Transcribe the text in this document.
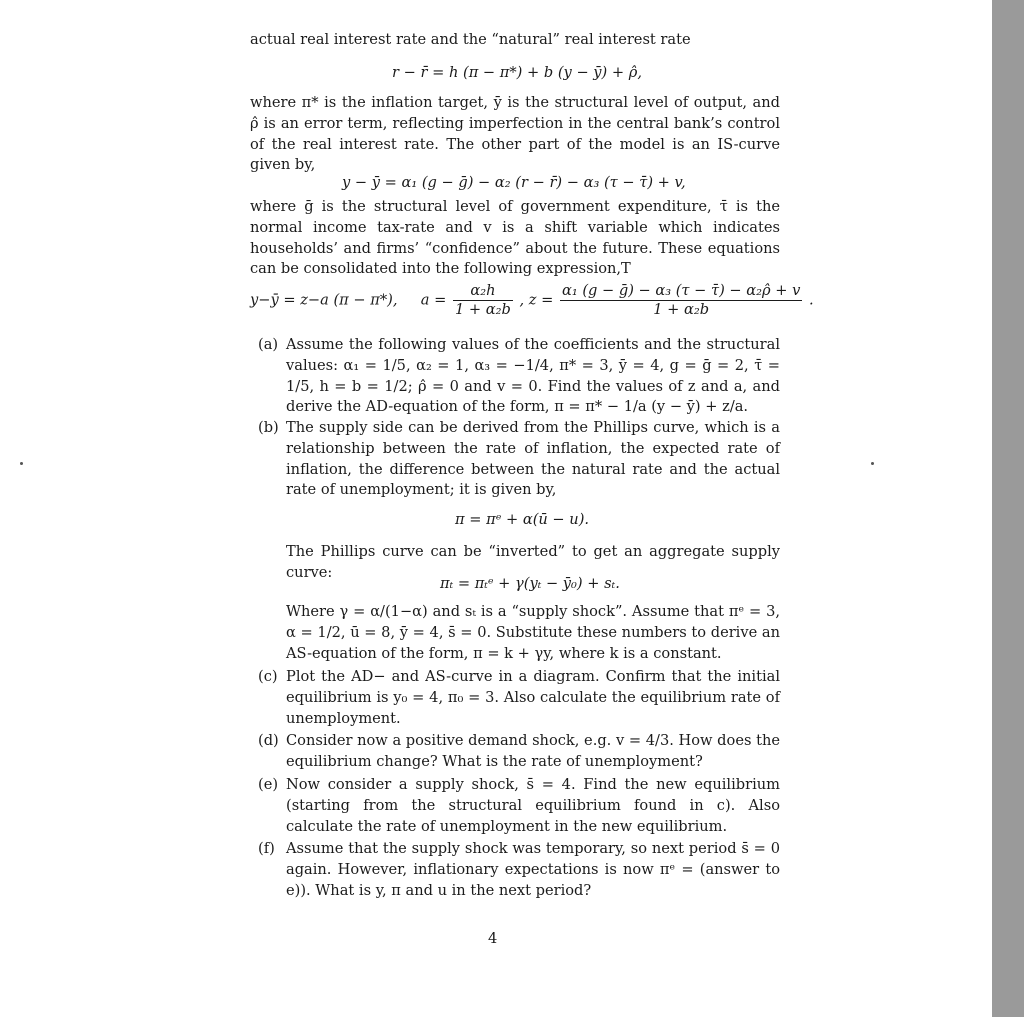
actual real interest rate and the “natural” real interest rate

r − r̄ = h (π − π*) + b (y − ȳ) + ρ̂,

where π* is the inflation target, ȳ is the structural level of output, and ρ̂ is an error term, reflecting imperfection in the central bank’s control of the real interest rate. The other part of the model is an IS-curve given by,

y − ȳ = α₁ (g − ḡ) − α₂ (r − r̄) − α₃ (τ − τ̄) + v,

where ḡ is the structural level of government expenditure, τ̄ is the normal income tax-rate and v is a shift variable which indicates households’ and firms’ “confidence” about the future. These equations can be consolidated into the following expression,T

y−ȳ = z−a (π − π*), $a = \frac{\text{α₂h}}{\text{1 + α₂b}}$ , $z = \frac{\text{α₁ (g − ḡ) − α₃ (τ − τ̄) − α₂ρ̂ + v}}{\text{1 + α₂b}}$ .
(a) Assume the following values of the coefficients and the structural values: α₁ = 1/5, α₂ = 1, α₃ = −1/4, π* = 3, ȳ = 4, g = ḡ = 2, τ̄ = 1/5, h = b = 1/2; ρ̂ = 0 and v = 0. Find the values of z and a, and derive the AD-equation of the form, π = π* − 1/a (y − ȳ) + z/a.
(b) The supply side can be derived from the Phillips curve, which is a relationship between the rate of inflation, the expected rate of inflation, the difference between the natural rate and the actual rate of unemployment; it is given by,
π = πᵉ + α(ū − u).

The Phillips curve can be “inverted” to get an aggregate supply curve:

πₜ = πₜᵉ + γ(yₜ − ȳ₀) + sₜ.

Where γ = α/(1−α) and sₜ is a “supply shock”. Assume that πᵉ = 3, α = 1/2, ū = 8, ȳ = 4, s̄ = 0. Substitute these numbers to derive an AS-equation of the form, π = k + γy, where k is a constant.

(c) Plot the AD− and AS-curve in a diagram. Confirm that the initial equilibrium is y₀ = 4, π₀ = 3. Also calculate the equilibrium rate of unemployment.
(d) Consider now a positive demand shock, e.g. v = 4/3. How does the equilibrium change? What is the rate of unemployment?
(e) Now consider a supply shock, s̄ = 4. Find the new equilibrium (starting from the structural equilibrium found in c). Also calculate the rate of unemployment in the new equilibrium.
(f) Assume that the supply shock was temporary, so next period s̄ = 0 again. However, inflationary expectations is now πᵉ = (answer to e)). What is y, π and u in the next period?
4
